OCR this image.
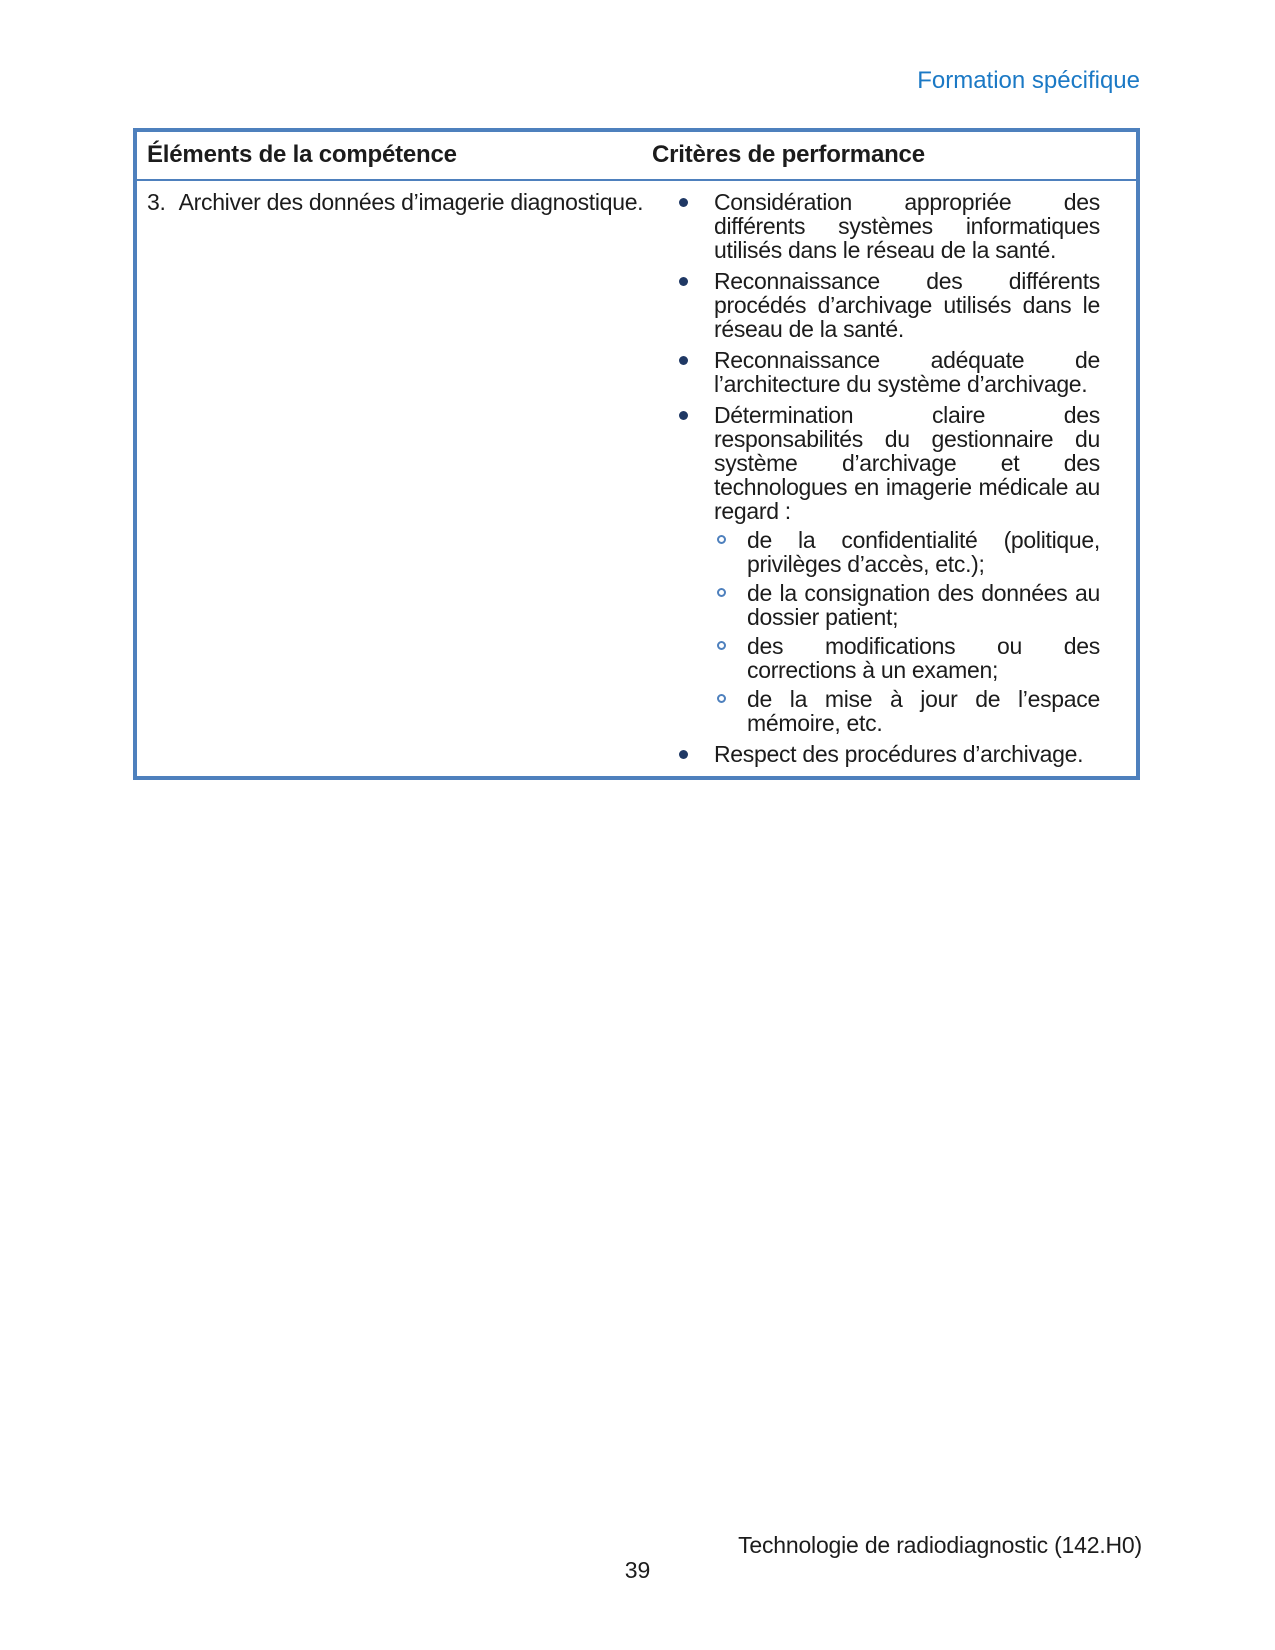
Formation spécifique
Éléments de la compétence	Critères de performance
3. Archiver des données d’imagerie diagnostique.	Considération appropriée des différents systèmes informatiques utilisés dans le réseau de la santé.
Reconnaissance des différents procédés d’archivage utilisés dans le réseau de la santé.
Reconnaissance adéquate de l’architecture du système d’archivage.
Détermination claire des responsabilités du gestionnaire du système d’archivage et des technologues en imagerie médicale au regard :
de la confidentialité (politique, privilèges d’accès, etc.);
de la consignation des données au dossier patient;
des modifications ou des corrections à un examen;
de la mise à jour de l’espace mémoire, etc.
Respect des procédures d’archivage.
Technologie de radiodiagnostic (142.H0)
39
